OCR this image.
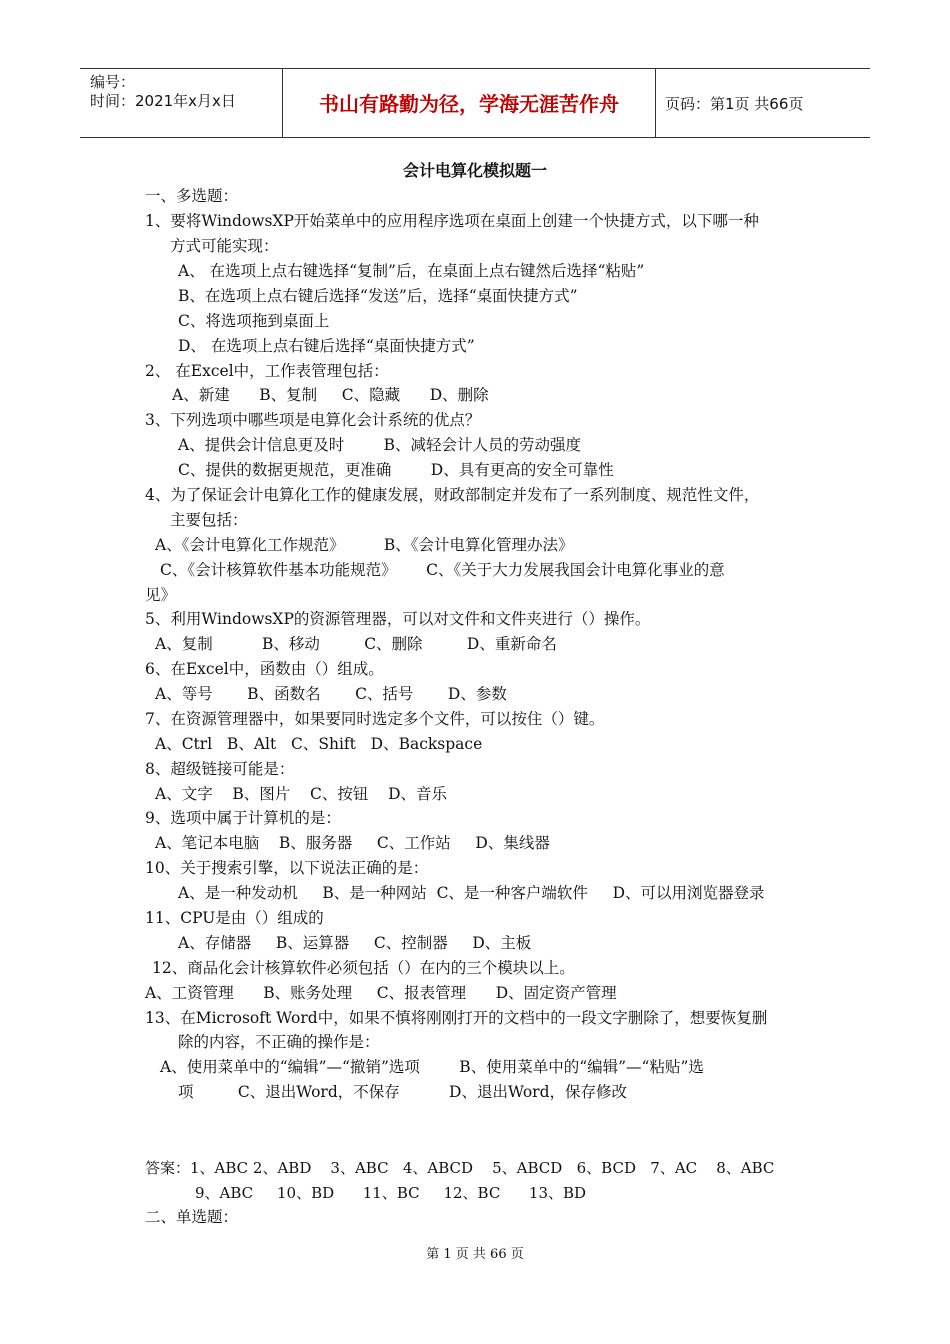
编号：
时间：2021年x月x日	书山有路勤为径，学海无涯苦作舟	页码：第1页 共66页
会计电算化模拟题一
一、多选题：
1、要将WindowsXP开始菜单中的应用程序选项在桌面上创建一个快捷方式，以下哪一种
方式可能实现：
A、 在选项上点右键选择“复制”后，在桌面上点右键然后选择“粘贴”
B、在选项上点右键后选择“发送”后，选择“桌面快捷方式”
C、将选项拖到桌面上
D、 在选项上点右键后选择“桌面快捷方式”
2、 在Excel中，工作表管理包括：
A、新建      B、复制     C、隐藏      D、删除
3、下列选项中哪些项是电算化会计系统的优点？
A、提供会计信息更及时        B、减轻会计人员的劳动强度
C、提供的数据更规范，更准确        D、具有更高的安全可靠性
4、为了保证会计电算化工作的健康发展，财政部制定并发布了一系列制度、规范性文件，
主要包括：
A、《会计电算化工作规范》        B、《会计电算化管理办法》
C、《会计核算软件基本功能规范》      C、《关于大力发展我国会计电算化事业的意
见》
5、利用WindowsXP的资源管理器，可以对文件和文件夹进行（）操作。
A、复制          B、移动         C、删除         D、重新命名
6、在Excel中，函数由（）组成。
A、等号       B、函数名       C、括号       D、参数
7、在资源管理器中，如果要同时选定多个文件，可以按住（）键。
A、Ctrl   B、Alt   C、Shift   D、Backspace
8、超级链接可能是：
A、文字    B、图片    C、按钮    D、音乐
9、选项中属于计算机的是：
A、笔记本电脑    B、服务器     C、工作站     D、集线器
10、关于搜索引擎，以下说法正确的是：
A、是一种发动机     B、是一种网站  C、是一种客户端软件     D、可以用浏览器登录
11、CPU是由（）组成的
A、存储器     B、运算器     C、控制器     D、主板
12、商品化会计核算软件必须包括（）在内的三个模块以上。
A、工资管理      B、账务处理     C、报表管理      D、固定资产管理
13、在Microsoft Word中，如果不慎将刚刚打开的文档中的一段文字删除了，想要恢复删
除的内容，不正确的操作是：
A、使用菜单中的“编辑”—“撤销”选项        B、使用菜单中的“编辑”—“粘贴”选
项         C、退出Word，不保存          D、退出Word，保存修改
答案：1、ABC 2、ABD    3、ABC   4、ABCD    5、ABCD   6、BCD   7、AC    8、ABC
9、ABC     10、BD      11、BC     12、BC      13、BD
二、单选题：
第 1 页 共 66 页
